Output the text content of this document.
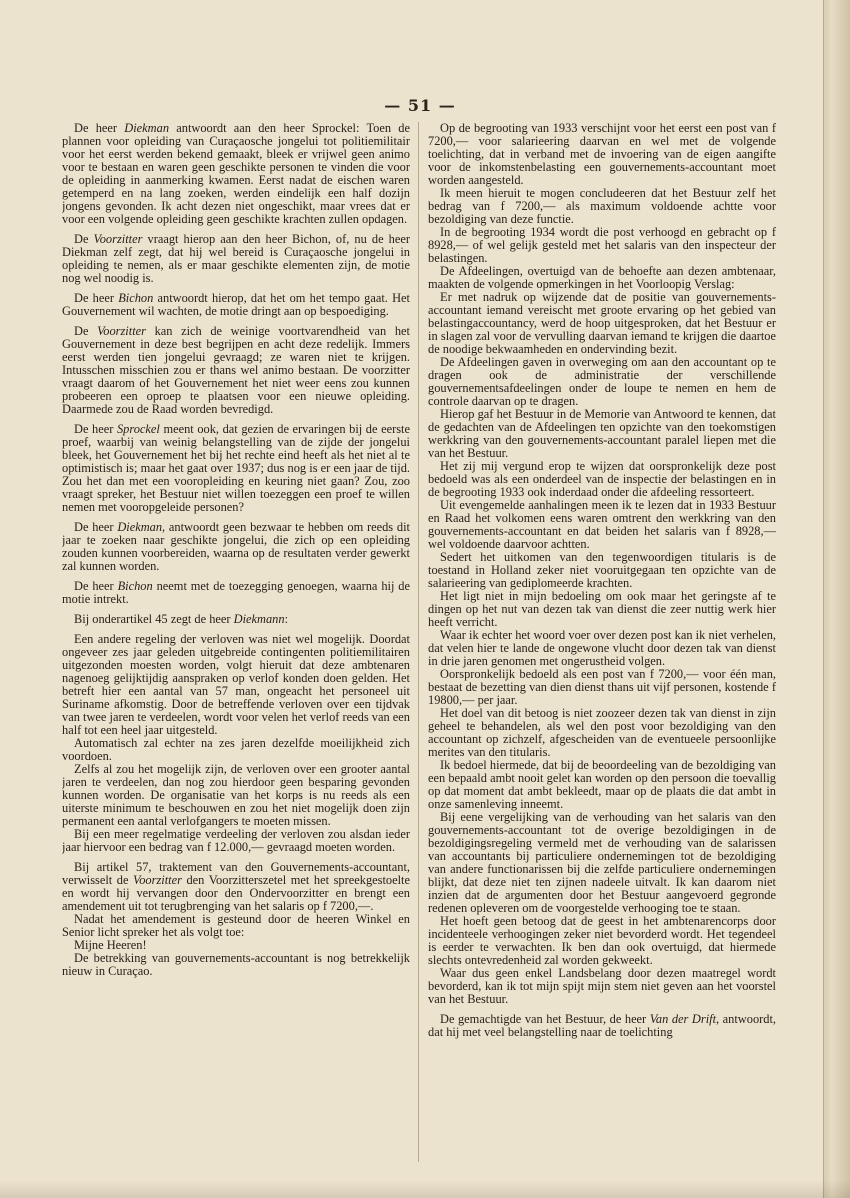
— 51 —

De heer Diekman antwoordt aan den heer Sprockel: Toen de plannen voor opleiding van Curaçaosche jongelui tot politiemilitair voor het eerst werden bekend gemaakt, bleek er vrijwel geen animo voor te bestaan en waren geen geschikte personen te vinden die voor de opleiding in aanmerking kwamen. Eerst nadat de eischen waren getemperd en na lang zoeken, werden eindelijk een half dozijn jongens gevonden. Ik acht dezen niet ongeschikt, maar vrees dat er voor een volgende opleiding geen geschikte krachten zullen opdagen.

De Voorzitter vraagt hierop aan den heer Bichon, of, nu de heer Diekman zelf zegt, dat hij wel bereid is Curaçaosche jongelui in opleiding te nemen, als er maar geschikte elementen zijn, de motie nog wel noodig is.

De heer Bichon antwoordt hierop, dat het om het tempo gaat. Het Gouvernement wil wachten, de motie dringt aan op bespoediging.

De Voorzitter kan zich de weinige voortvarendheid van het Gouvernement in deze best begrijpen en acht deze redelijk. Immers eerst werden tien jongelui gevraagd; ze waren niet te krijgen. Intusschen misschien zou er thans wel animo bestaan. De voorzitter vraagt daarom of het Gouvernement het niet weer eens zou kunnen probeeren een oproep te plaatsen voor een nieuwe opleiding. Daarmede zou de Raad worden bevredigd.

De heer Sprockel meent ook, dat gezien de ervaringen bij de eerste proef, waarbij van weinig belangstelling van de zijde der jongelui bleek, het Gouvernement het bij het rechte eind heeft als het niet al te optimistisch is; maar het gaat over 1937; dus nog is er een jaar de tijd. Zou het dan met een vooropleiding en keuring niet gaan? Zou, zoo vraagt spreker, het Bestuur niet willen toezeggen een proef te willen nemen met vooropgeleide personen?

De heer Diekman, antwoordt geen bezwaar te hebben om reeds dit jaar te zoeken naar geschikte jongelui, die zich op een opleiding zouden kunnen voorbereiden, waarna op de resultaten verder gewerkt zal kunnen worden.

De heer Bichon neemt met de toezegging genoegen, waarna hij de motie intrekt.

Bij onderartikel 45 zegt de heer Diekmann:

Een andere regeling der verloven was niet wel mogelijk. Doordat ongeveer zes jaar geleden uitgebreide contingenten politiemilitairen uitgezonden moesten worden, volgt hieruit dat deze ambtenaren nagenoeg gelijktijdig aanspraken op verlof konden doen gelden. Het betreft hier een aantal van 57 man, ongeacht het personeel uit Suriname afkomstig. Door de betreffende verloven over een tijdvak van twee jaren te verdeelen, wordt voor velen het verlof reeds van een half tot een heel jaar uitgesteld.

Automatisch zal echter na zes jaren dezelfde moeilijkheid zich voordoen.

Zelfs al zou het mogelijk zijn, de verloven over een grooter aantal jaren te verdeelen, dan nog zou hierdoor geen besparing gevonden kunnen worden. De organisatie van het korps is nu reeds als een uiterste minimum te beschouwen en zou het niet mogelijk doen zijn permanent een aantal verlofgangers te moeten missen.

Bij een meer regelmatige verdeeling der verloven zou alsdan ieder jaar hiervoor een bedrag van f 12.000,— gevraagd moeten worden.

Bij artikel 57, traktement van den Gouvernements-accountant, verwisselt de Voorzitter den Voorzitterszetel met het spreekgestoelte en wordt hij vervangen door den Ondervoorzitter en brengt een amendement uit tot terugbrenging van het salaris op f 7200,—.

Nadat het amendement is gesteund door de heeren Winkel en Senior licht spreker het als volgt toe:

Mijne Heeren!

De betrekking van gouvernements-accountant is nog betrekkelijk nieuw in Curaçao.

Op de begrooting van 1933 verschijnt voor het eerst een post van f 7200,— voor salarieering daarvan en wel met de volgende toelichting, dat in verband met de invoering van de eigen aangifte voor de inkomstenbelasting een gouvernements-accountant moet worden aangesteld.

Ik meen hieruit te mogen concludeeren dat het Bestuur zelf het bedrag van f 7200,— als maximum voldoende achtte voor bezoldiging van deze functie.

In de begrooting 1934 wordt die post verhoogd en gebracht op f 8928,— of wel gelijk gesteld met het salaris van den inspecteur der belastingen.

De Afdeelingen, overtuigd van de behoefte aan dezen ambtenaar, maakten de volgende opmerkingen in het Voorloopig Verslag:

Er met nadruk op wijzende dat de positie van gouvernements-accountant iemand vereischt met groote ervaring op het gebied van belastingaccountancy, werd de hoop uitgesproken, dat het Bestuur er in slagen zal voor de vervulling daarvan iemand te krijgen die daartoe de noodige bekwaamheden en ondervinding bezit.

De Afdeelingen gaven in overweging om aan den accountant op te dragen ook de administratie der verschillende gouvernementsafdeelingen onder de loupe te nemen en hem de controle daarvan op te dragen.

Hierop gaf het Bestuur in de Memorie van Antwoord te kennen, dat de gedachten van de Afdeelingen ten opzichte van den toekomstigen werkkring van den gouvernements-accountant paralel liepen met die van het Bestuur.

Het zij mij vergund erop te wijzen dat oorspronkelijk deze post bedoeld was als een onderdeel van de inspectie der belastingen en in de begrooting 1933 ook inderdaad onder die afdeeling ressorteert.

Uit evengemelde aanhalingen meen ik te lezen dat in 1933 Bestuur en Raad het volkomen eens waren omtrent den werkkring van den gouvernements-accountant en dat beiden het salaris van f 8928,— wel voldoende daarvoor achtten.

Sedert het uitkomen van den tegenwoordigen titularis is de toestand in Holland zeker niet vooruitgegaan ten opzichte van de salarieering van gediplomeerde krachten.

Het ligt niet in mijn bedoeling om ook maar het geringste af te dingen op het nut van dezen tak van dienst die zeer nuttig werk hier heeft verricht.

Waar ik echter het woord voer over dezen post kan ik niet verhelen, dat velen hier te lande de ongewone vlucht door dezen tak van dienst in drie jaren genomen met ongerustheid volgen.

Oorspronkelijk bedoeld als een post van f 7200,— voor één man, bestaat de bezetting van dien dienst thans uit vijf personen, kostende f 19800,— per jaar.

Het doel van dit betoog is niet zoozeer dezen tak van dienst in zijn geheel te behandelen, als wel den post voor bezoldiging van den accountant op zichzelf, afgescheiden van de eventueele persoonlijke merites van den titularis.

Ik bedoel hiermede, dat bij de beoordeeling van de bezoldiging van een bepaald ambt nooit gelet kan worden op den persoon die toevallig op dat moment dat ambt bekleedt, maar op de plaats die dat ambt in onze samenleving inneemt.

Bij eene vergelijking van de verhouding van het salaris van den gouvernements-accountant tot de overige bezoldigingen in de bezoldigingsregeling vermeld met de verhouding van de salarissen van accountants bij particuliere ondernemingen tot de bezoldiging van andere functionarissen bij die zelfde particuliere ondernemingen blijkt, dat deze niet ten zijnen nadeele uitvalt. Ik kan daarom niet inzien dat de argumenten door het Bestuur aangevoerd gegronde redenen opleveren om de voorgestelde verhooging toe te staan.

Het hoeft geen betoog dat de geest in het ambtenarencorps door incidenteele verhoogingen zeker niet bevorderd wordt. Het tegendeel is eerder te verwachten. Ik ben dan ook overtuigd, dat hiermede slechts ontevredenheid zal worden gekweekt.

Waar dus geen enkel Landsbelang door dezen maatregel wordt bevorderd, kan ik tot mijn spijt mijn stem niet geven aan het voorstel van het Bestuur.

De gemachtigde van het Bestuur, de heer Van der Drift, antwoordt, dat hij met veel belangstelling naar de toelichting
